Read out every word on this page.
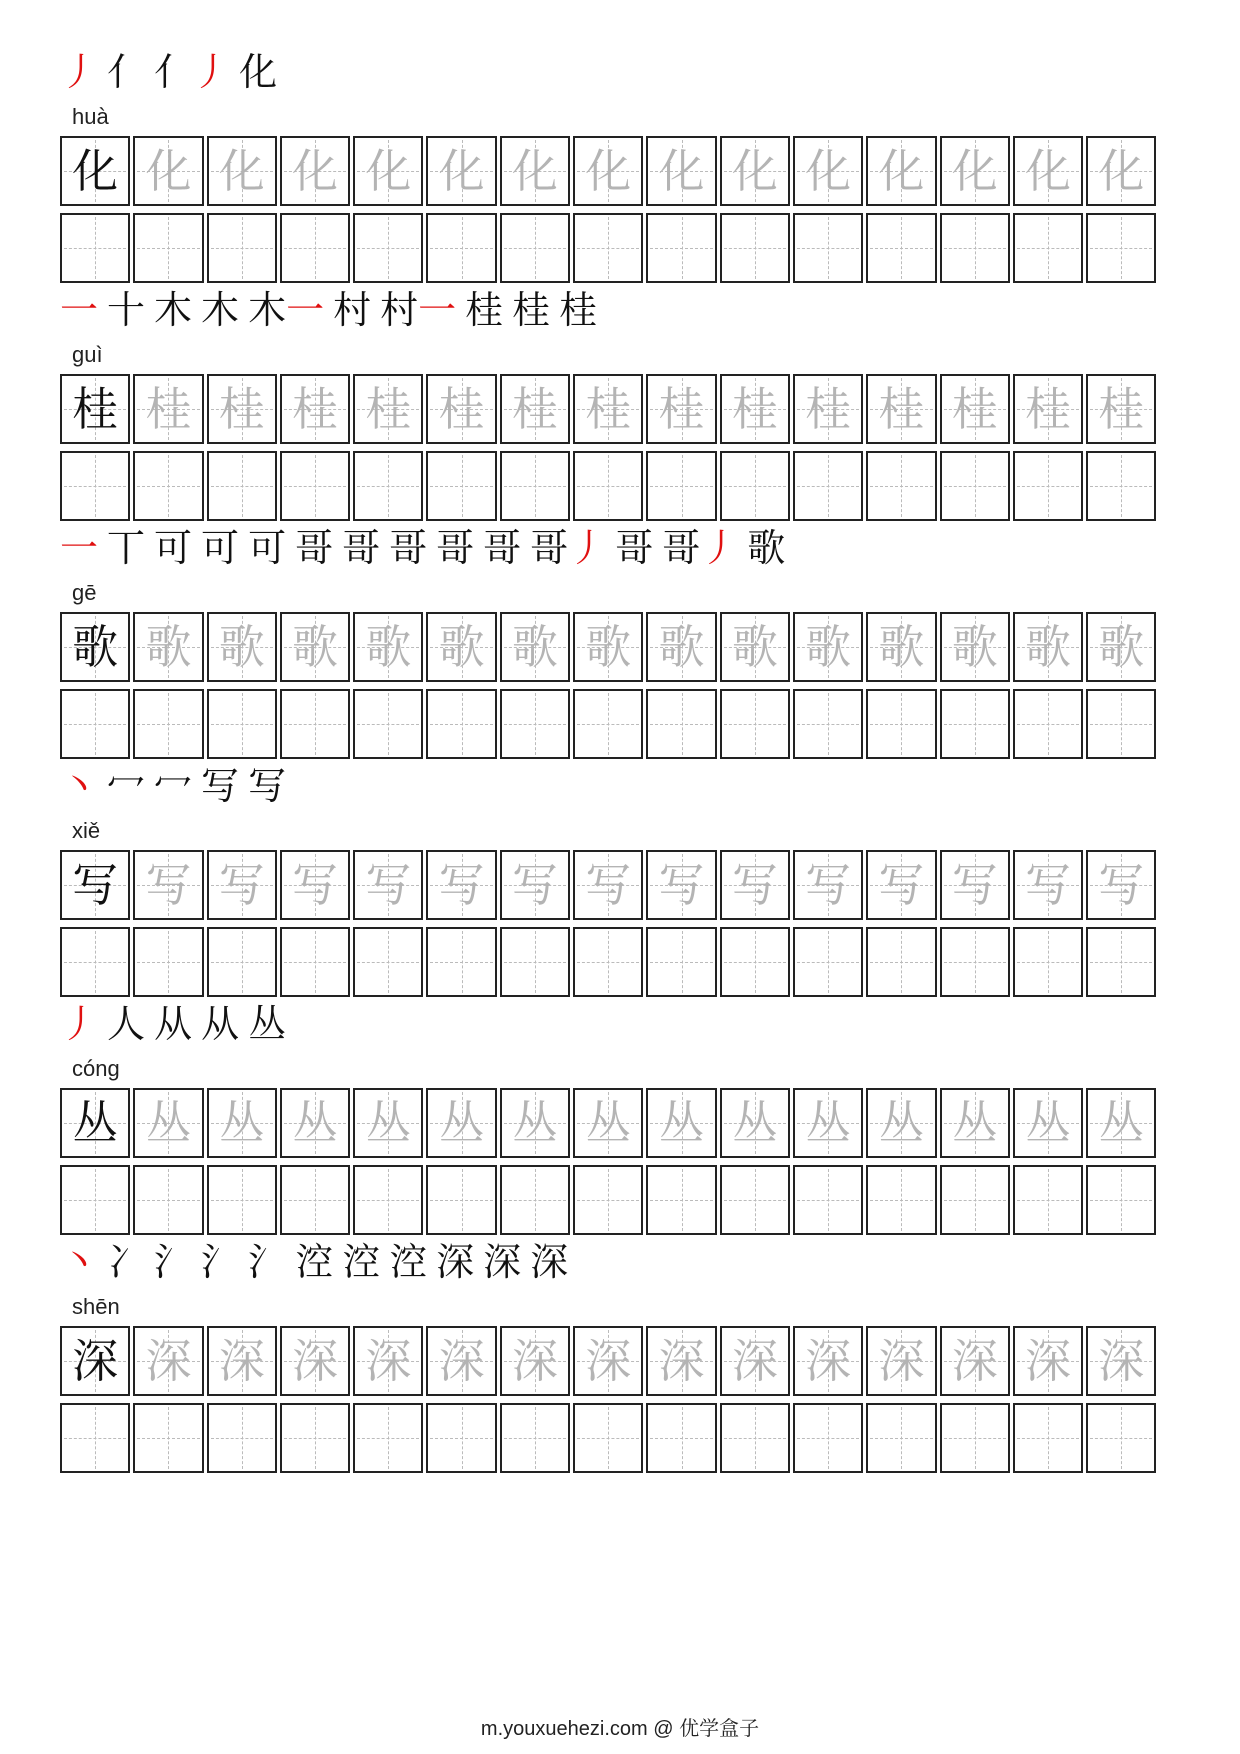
丿 亻 亻丿 化
huà
化 化 化 化 化 化 化 化 化 化 化 化 化 化 化
一 十 木 木 木一 村 村一 桂 桂 桂
guì
桂 桂 桂 桂 桂 桂 桂 桂 桂 桂 桂 桂 桂 桂 桂
一 丅 可 可 可 哥 哥 哥 哥 哥 哥丿 哥 哥丿 歌
gē
歌 歌 歌 歌 歌 歌 歌 歌 歌 歌 歌 歌 歌 歌 歌
丶 冖 冖 写 写
xiě
写 写 写 写 写 写 写 写 写 写 写 写 写 写 写
丿 人 从 从 丛
cóng
丛 丛 丛 丛 丛 丛 丛 丛 丛 丛 丛 丛 丛 丛 丛
丶 冫 氵 氵 氵 涳 涳 涳 深 深 深
shēn
深 深 深 深 深 深 深 深 深 深 深 深 深 深 深
m.youxuehezi.com @ 优学盒子
